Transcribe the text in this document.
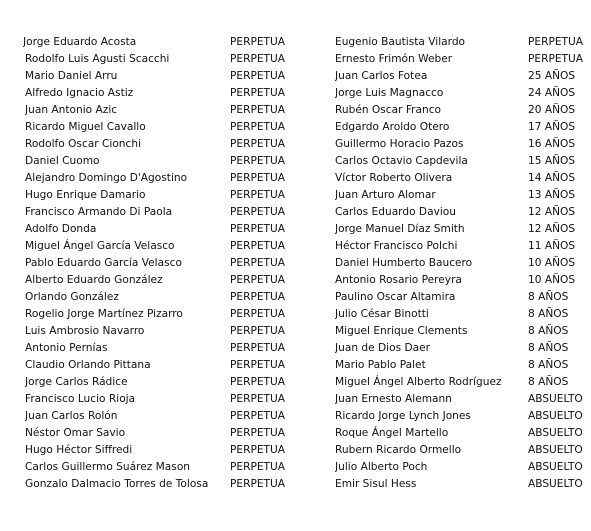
Jorge Eduardo Acosta	PERPETUA	Eugenio Bautista Vilardo	PERPETUA
Rodolfo Luis Agusti Scacchi	PERPETUA	Ernesto Frimón Weber	PERPETUA
Mario Daniel Arru	PERPETUA	Juan Carlos Fotea	25 AÑOS
Alfredo Ignacio Astiz	PERPETUA	Jorge Luis Magnacco	24 AÑOS
Juan Antonio Azic	PERPETUA	Rubén Oscar Franco	20 AÑOS
Ricardo Miguel Cavallo	PERPETUA	Edgardo Aroldo Otero	17 AÑOS
Rodolfo Oscar Cionchi	PERPETUA	Guillermo Horacio Pazos	16 AÑOS
Daniel Cuomo	PERPETUA	Carlos Octavio Capdevila	15 AÑOS
Alejandro Domingo D'Agostino	PERPETUA	Víctor Roberto Olivera	14 AÑOS
Hugo Enrique Damario	PERPETUA	Juan Arturo Alomar	13 AÑOS
Francisco Armando Di Paola	PERPETUA	Carlos Eduardo Daviou	12 AÑOS
Adolfo Donda	PERPETUA	Jorge Manuel Díaz Smith	12 AÑOS
Miguel Ángel García Velasco	PERPETUA	Héctor Francisco Polchi	11 AÑOS
Pablo Eduardo García Velasco	PERPETUA	Daniel Humberto Baucero	10 AÑOS
Alberto Eduardo González	PERPETUA	Antonio Rosario Pereyra	10 AÑOS
Orlando González	PERPETUA	Paulino Oscar Altamira	8 AÑOS
Rogelio Jorge Martínez Pizarro	PERPETUA	Julio César Binotti	8 AÑOS
Luis Ambrosio Navarro	PERPETUA	Miguel Enrique Clements	8 AÑOS
Antonio Pernías	PERPETUA	Juan de Dios Daer	8 AÑOS
Claudio Orlando Pittana	PERPETUA	Mario Pablo Palet	8 AÑOS
Jorge Carlos Rádice	PERPETUA	Miguel Ángel Alberto Rodríguez	8 AÑOS
Francisco Lucio Rioja	PERPETUA	Juan Ernesto Alemann	ABSUELTO
Juan Carlos Rolón	PERPETUA	Ricardo Jorge Lynch Jones	ABSUELTO
Néstor Omar Savio	PERPETUA	Roque Ángel Martello	ABSUELTO
Hugo Héctor Siffredi	PERPETUA	Rubern Ricardo Ormello	ABSUELTO
Carlos Guillermo Suárez Mason	PERPETUA	Julio Alberto Poch	ABSUELTO
Gonzalo Dalmacio Torres de Tolosa	PERPETUA	Emir Sisul Hess	ABSUELTO
